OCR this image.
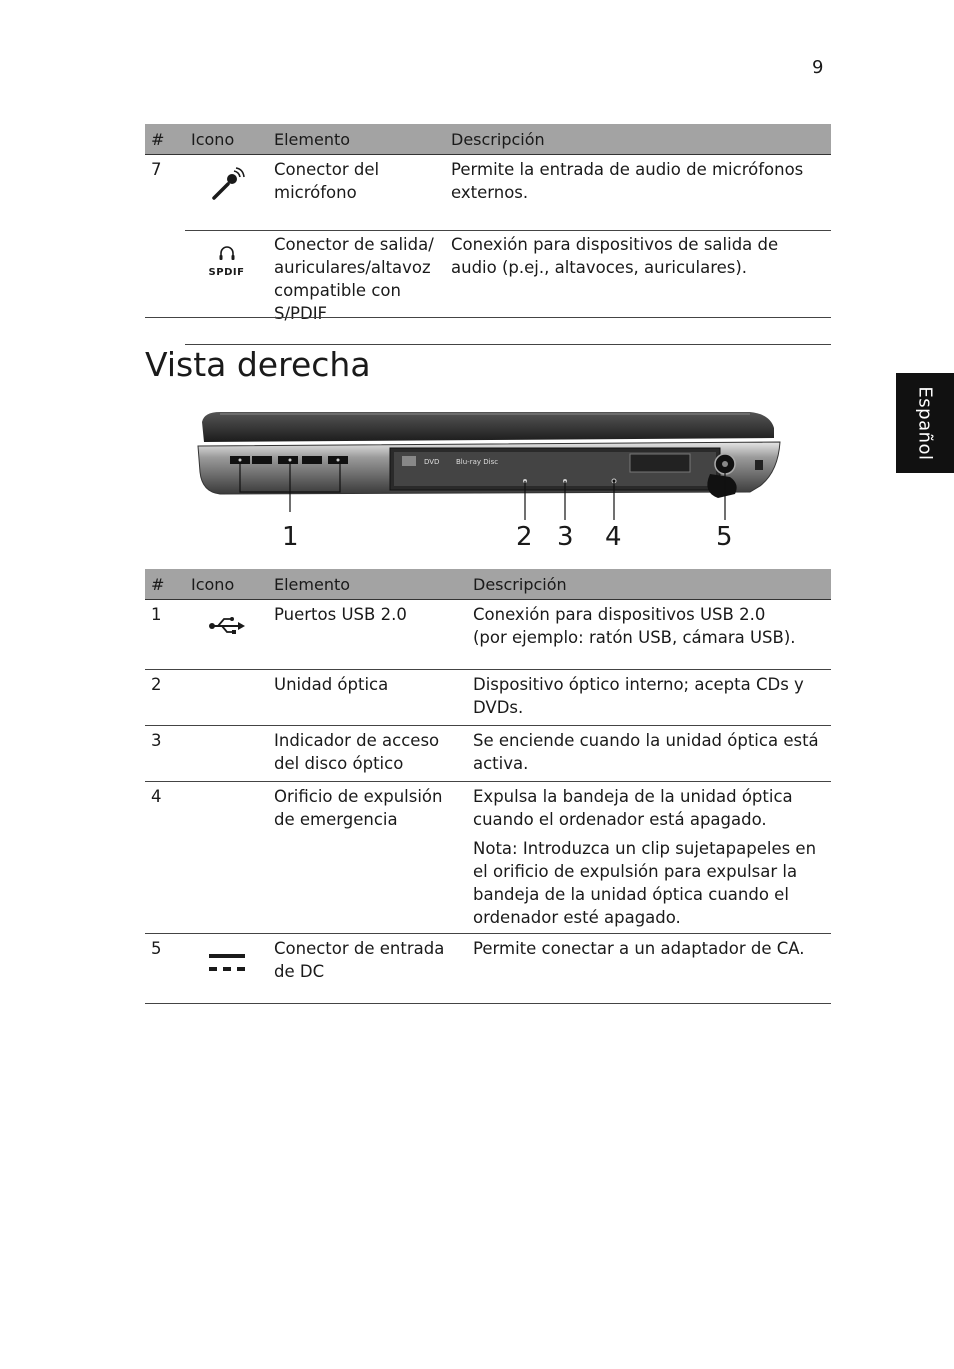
9
Español
#	Icono	Elemento	Descripción
7		Conector del micrófono	Permite la entrada de audio de micrófonos externos.

	SPDIF	Conector de salida/ auriculares/altavoz compatible con S/PDIF	Conexión para dispositivos de salida de audio (p.ej., altavoces, auriculares).
Vista derecha
DVD Blu-ray Disc
1	2 3 4	5
#	Icono	Elemento	Descripción
1		Puertos USB 2.0	Conexión para dispositivos USB 2.0
(por ejemplo: ratón USB, cámara USB).

2		Unidad óptica	Dispositivo óptico interno; acepta CDs y DVDs.
3		Indicador de acceso del disco óptico	Se enciende cuando la unidad óptica está activa.
4		Orificio de expulsión de emergencia	Expulsa la bandeja de la unidad óptica cuando el ordenador está apagado.

Nota: Introduzca un clip sujetapapeles en el orificio de expulsión para expulsar la bandeja de la unidad óptica cuando el ordenador esté apagado.

5		Conector de entrada de DC	Permite conectar a un adaptador de CA.
